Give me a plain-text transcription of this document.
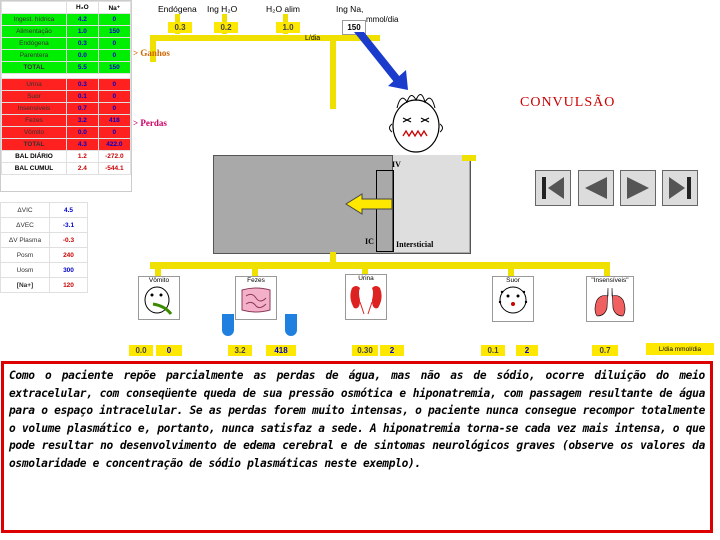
Endógena Ing H₂O	H₂O alim	Ing Na,
mmol/dia
0.3	0.2	1.0	150
L/dia
	H₂O	Na⁺
Ingest. hídrica	4.2	0
Alimentação	1.0	150
Endógena	0.3	0
Parentera	0.0	0
TOTAL	5.5	150

Urina	0.3	0
Suor	0.1	0
Insensíveis	0.7	0
Fezes	3.2	418
Vômito	0.0	0
TOTAL	4.3	422.0
BAL DIÁRIO	1.2	-272.0
BAL CUMUL	2.4	-544.1
> Ganhos
> Perdas
ΔVIC	4.5
ΔVEC	-3.1
ΔV Plasma	-0.3
Posm	240
Uosm	300
[Na+]	120
CONVULSÃO
IV
IC	Intersticial
Vômito	Fezes	Urina	Suor	"Insensíveis"
0.0	0	3.2	418	0.30	2	0.1	2	0.7	L/dia mmol/dia
Como o paciente repõe parcialmente as perdas de água, mas não as de sódio, ocorre diluição do meio extracelular, com conseqüente queda de sua pressão osmótica e hiponatremia, com passagem resultante de água para o espaço intracelular. Se as perdas forem muito intensas, o paciente nunca consegue recompor totalmente o volume plasmático e, portanto, nunca satisfaz a sede. A hiponatremia torna-se cada vez mais intensa, o que pode resultar no desenvolvimento de edema cerebral e de sintomas neurológicos graves (observe os valores da osmolaridade e concentração de sódio plasmáticas neste exemplo).
